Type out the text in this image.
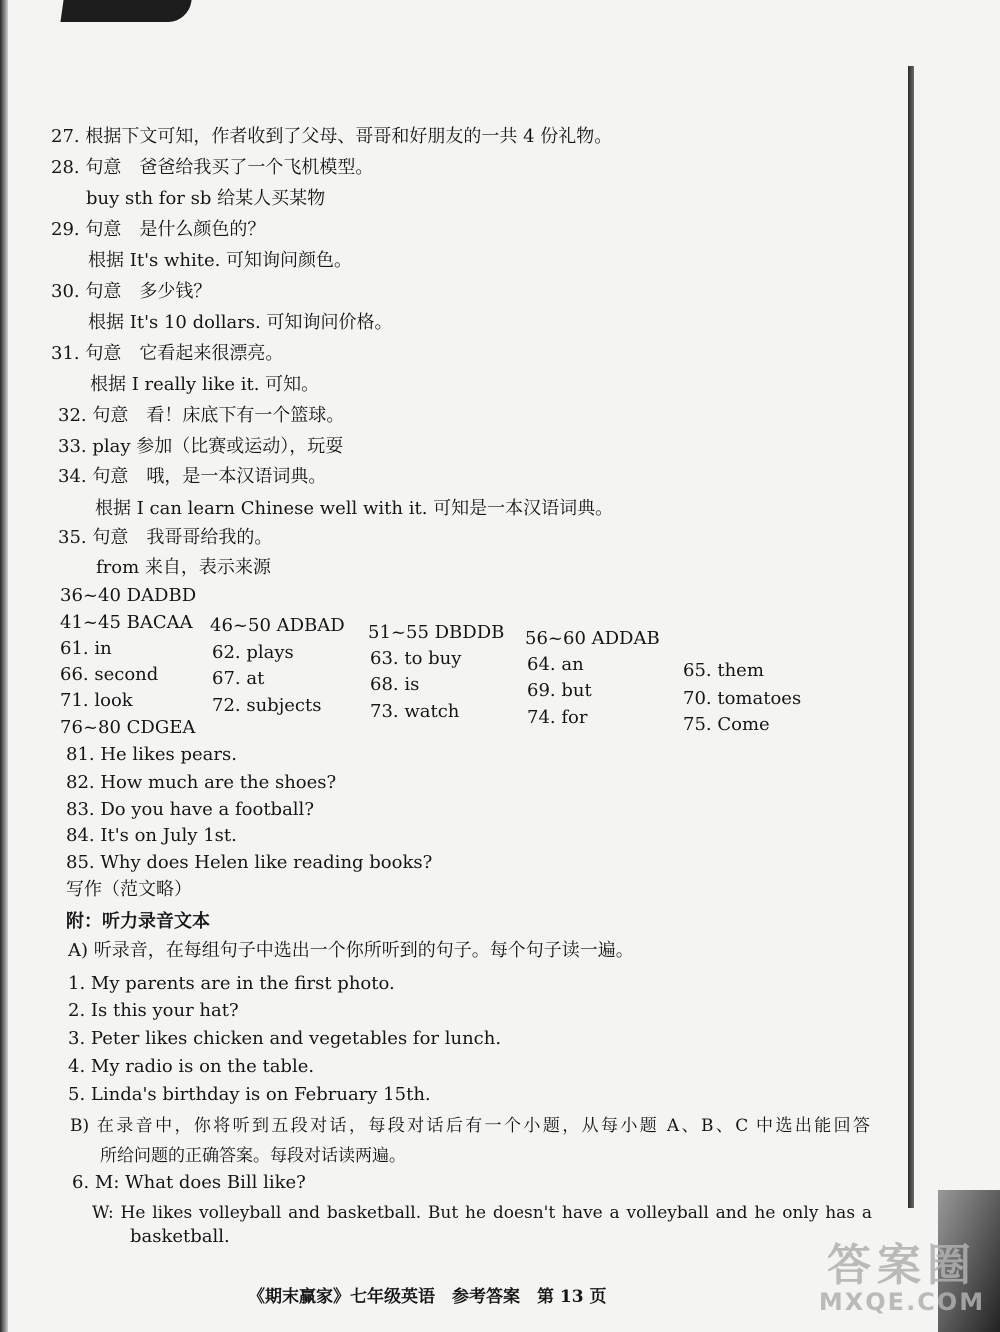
27. 根据下文可知，作者收到了父母、哥哥和好朋友的一共 4 份礼物。
28. 句意　爸爸给我买了一个飞机模型。
buy sth for sb 给某人买某物
29. 句意　是什么颜色的？
根据 It's white. 可知询问颜色。
30. 句意　多少钱？
根据 It's 10 dollars. 可知询问价格。
31. 句意　它看起来很漂亮。
根据 I really like it. 可知。
32. 句意　看！床底下有一个篮球。
33. play 参加（比赛或运动），玩耍
34. 句意　哦，是一本汉语词典。
根据 I can learn Chinese well with it. 可知是一本汉语词典。
35. 句意　我哥哥给我的。
from 来自，表示来源
36~40 DADBD
41~45 BACAA 46~50 ADBAD 51~55 DBDDB 56~60 ADDAB
61. in	62. plays	63. to buy	64. an	65. them
66. second	67. at	68. is	69. but	70. tomatoes
71. look	72. subjects	73. watch	74. for	75. Come
76~80 CDGEA
81. He likes pears.
82. How much are the shoes?
83. Do you have a football?
84. It's on July 1st.
85. Why does Helen like reading books?
写作（范文略）
附：听力录音文本
A) 听录音，在每组句子中选出一个你所听到的句子。每个句子读一遍。
1. My parents are in the first photo.
2. Is this your hat?
3. Peter likes chicken and vegetables for lunch.
4. My radio is on the table.
5. Linda's birthday is on February 15th.
B) 在录音中，你将听到五段对话，每段对话后有一个小题，从每小题 A、B、C 中选出能回答
所给问题的正确答案。每段对话读两遍。
6. M: What does Bill like?
W: He likes volleyball and basketball. But he doesn't have a volleyball and he only has a
basketball.
《期末赢家》七年级英语　参考答案　第 13 页
答案圈
MXQE.COM
